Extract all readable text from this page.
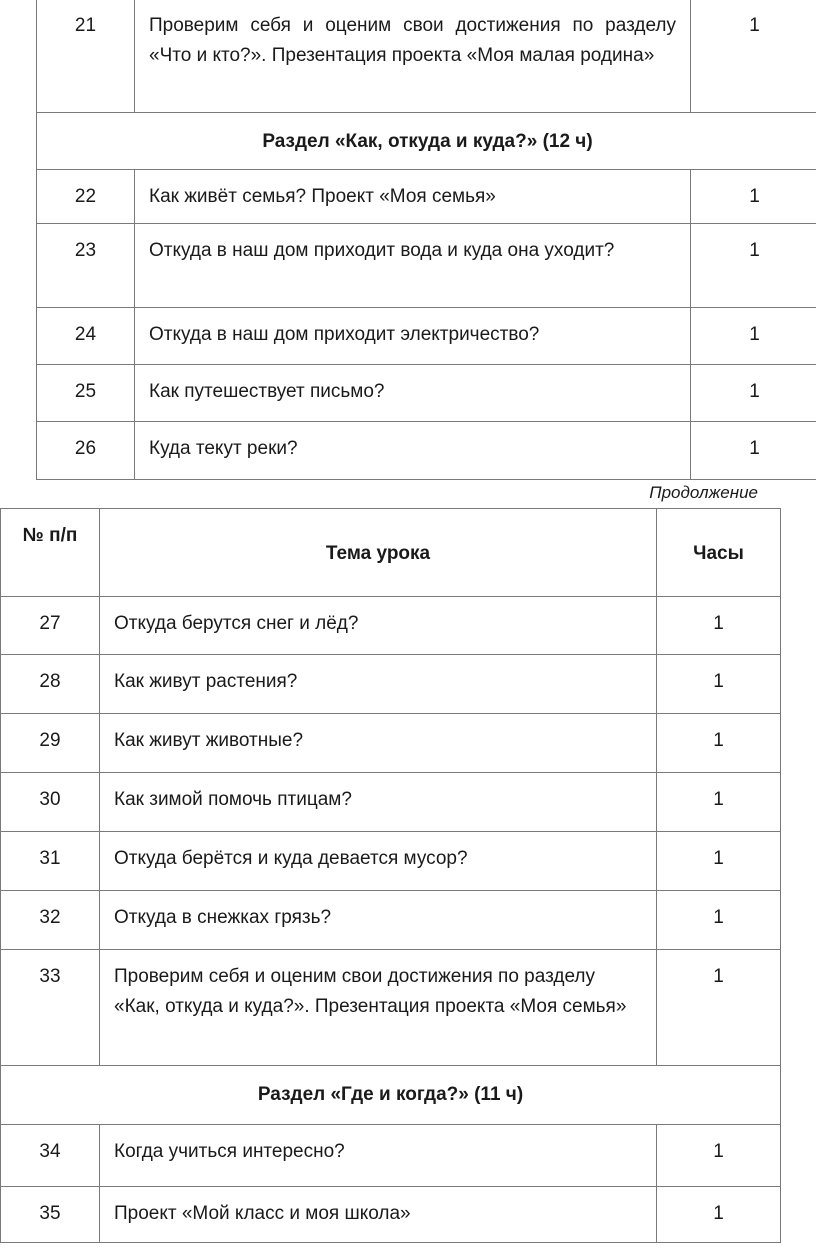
21	Проверим себя и оценим свои достижения по разделу «Что и кто?». Презентация проекта «Моя малая родина»	1
Раздел «Как, откуда и куда?» (12 ч)		
22	Как живёт семья? Проект «Моя семья»	1
23	Откуда в наш дом приходит вода и куда она уходит?	1
24	Откуда в наш дом приходит электричество?	1
25	Как путешествует письмо?	1
26	Куда текут реки?	1
Продолжение
№ п/п	Тема урока	Часы	
27	Откуда берутся снег и лёд?	1	
28	Как живут растения?	1	
29	Как живут животные?	1	
30	Как зимой помочь птицам?	1	
31	Откуда берётся и куда девается мусор?	1	
32	Откуда в снежках грязь?	1	
33	Проверим себя и оценим свои достижения по разделу «Как, откуда и куда?». Презентация проекта «Моя семья»	1	
Раздел «Где и когда?» (11 ч)			
34	Когда учиться интересно?	1	
35	Проект «Мой класс и моя школа»	1	
